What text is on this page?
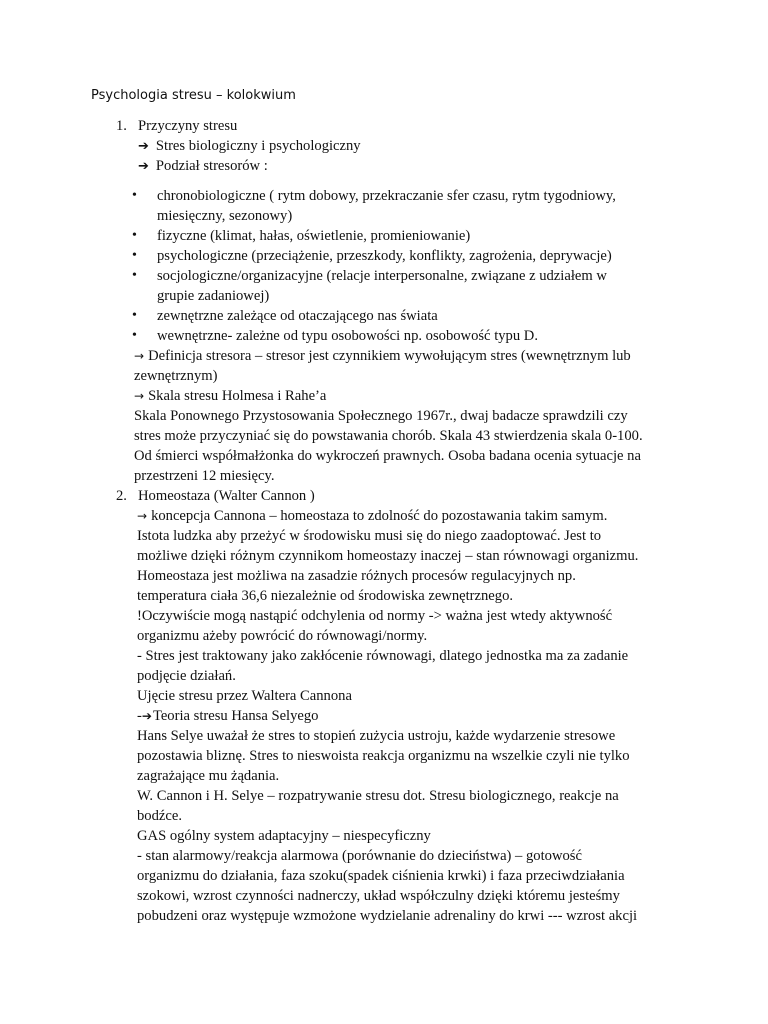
Psychologia stresu – kolokwium
1. Przyczyny stresu
➔ Stres biologiczny i psychologiczny
➔ Podział stresorów :
• chronobiologiczne ( rytm dobowy, przekraczanie sfer czasu, rytm tygodniowy,
miesięczny, sezonowy)
• fizyczne (klimat, hałas, oświetlenie, promieniowanie)
• psychologiczne (przeciążenie, przeszkody, konflikty, zagrożenia, deprywacje)
• socjologiczne/organizacyjne (relacje interpersonalne, związane z udziałem w
grupie zadaniowej)
• zewnętrzne zależące od otaczającego nas świata
• wewnętrzne- zależne od typu osobowości np. osobowość typu D.
→ Definicja stresora – stresor jest czynnikiem wywołującym stres (wewnętrznym lub
zewnętrznym)
→ Skala stresu Holmesa i Rahe’a
Skala Ponownego Przystosowania Społecznego 1967r., dwaj badacze sprawdzili czy
stres może przyczyniać się do powstawania chorób. Skala 43 stwierdzenia skala 0-100.
Od śmierci współmałżonka do wykroczeń prawnych. Osoba badana ocenia sytuacje na
przestrzeni 12 miesięcy.
2. Homeostaza (Walter Cannon )
→ koncepcja Cannona – homeostaza to zdolność do pozostawania takim samym.
Istota ludzka aby przeżyć w środowisku musi się do niego zaadoptować. Jest to
możliwe dzięki różnym czynnikom homeostazy inaczej – stan równowagi organizmu.
Homeostaza jest możliwa na zasadzie różnych procesów regulacyjnych np.
temperatura ciała 36,6 niezależnie od środowiska zewnętrznego.
!Oczywiście mogą nastąpić odchylenia od normy -> ważna jest wtedy aktywność
organizmu ażeby powrócić do równowagi/normy.
- Stres jest traktowany jako zakłócenie równowagi, dlatego jednostka ma za zadanie
podjęcie działań.
Ujęcie stresu przez Waltera Cannona
-➔Teoria stresu Hansa Selyego
Hans Selye uważał że stres to stopień zużycia ustroju, każde wydarzenie stresowe
pozostawia bliznę. Stres to nieswoista reakcja organizmu na wszelkie czyli nie tylko
zagrażające mu żądania.
W. Cannon i H. Selye – rozpatrywanie stresu dot. Stresu biologicznego, reakcje na
bodźce.
GAS ogólny system adaptacyjny – niespecyficzny
- stan alarmowy/reakcja alarmowa (porównanie do dzieciństwa) – gotowość
organizmu do działania, faza szoku(spadek ciśnienia krwki) i faza przeciwdziałania
szokowi, wzrost czynności nadnerczy, układ współczulny dzięki któremu jesteśmy
pobudzeni oraz występuje wzmożone wydzielanie adrenaliny do krwi --- wzrost akcji
